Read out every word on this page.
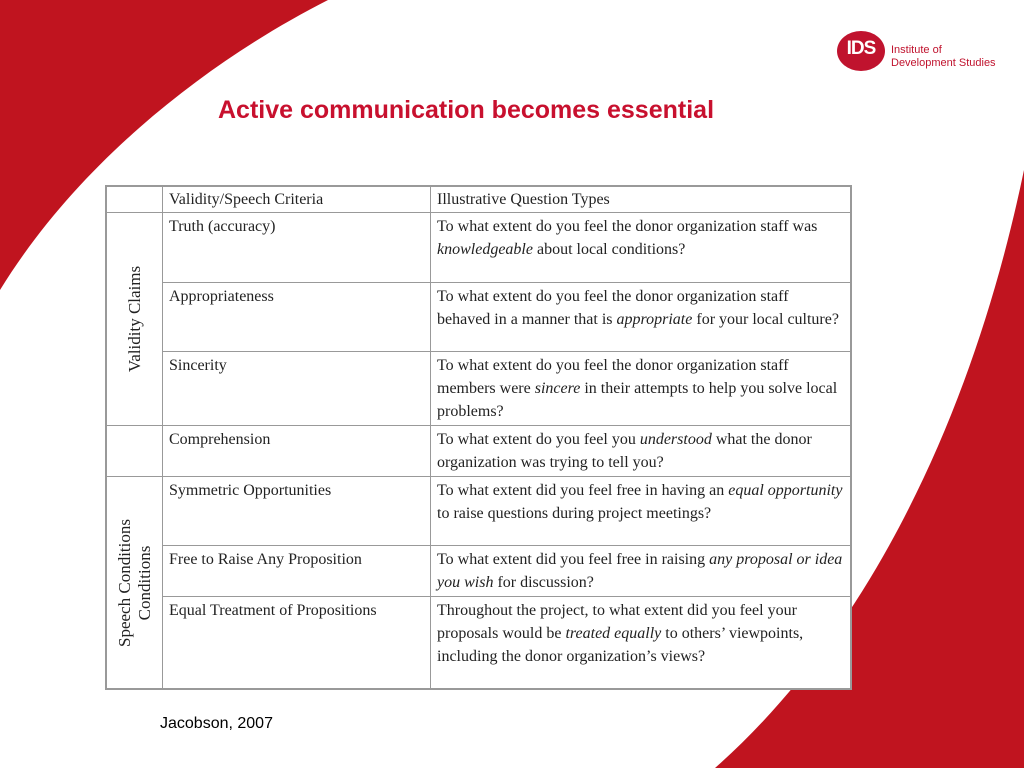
IDS	Institute of
Development Studies
Active communication becomes essential
	Validity/Speech Criteria	Illustrative Question Types

Validity Claims	Truth (accuracy)	To what extent do you feel the donor organization staff was knowledgeable about local conditions?
	Appropriateness	To what extent do you feel the donor organization staff behaved in a manner that is appropriate for your local culture?
	Sincerity	To what extent do you feel the donor organization staff members were sincere in their attempts to help you solve local problems?
	Comprehension	To what extent do you feel you understood what the donor organization was trying to tell you?

Speech Conditions
Conditions	Symmetric Opportunities	To what extent did you feel free in having an equal opportunity to raise questions during project meetings?
	Free to Raise Any Proposition	To what extent did you feel free in raising any proposal or idea you wish for discussion?
	Equal Treatment of Propositions	Throughout the project, to what extent did you feel your proposals would be treated equally to others’ viewpoints, including the donor organization’s views?
Jacobson, 2007
